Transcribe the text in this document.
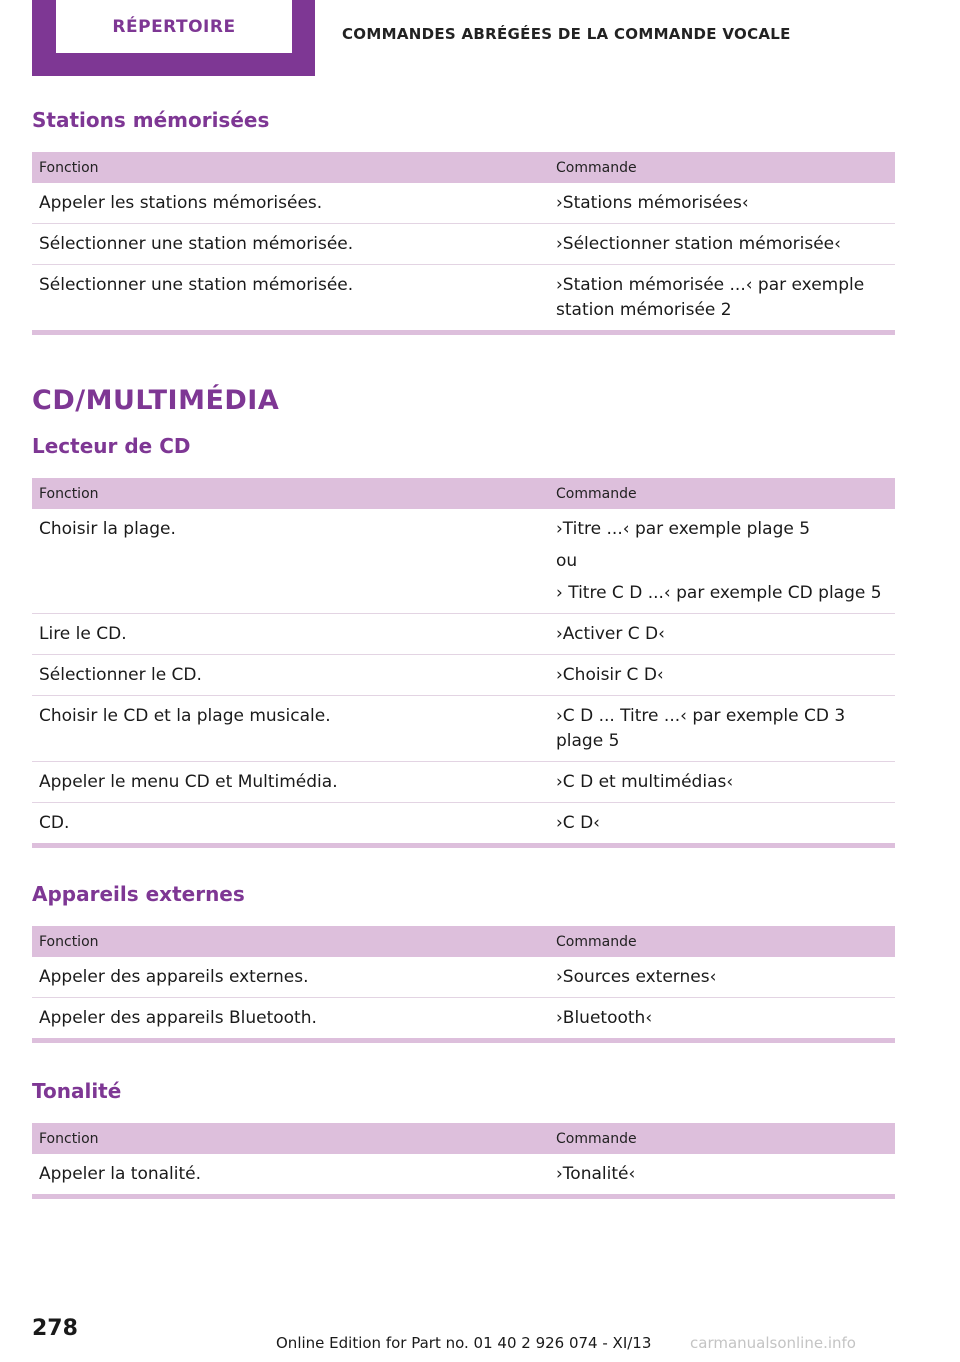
RÉPERTOIRE	COMMANDES ABRÉGÉES DE LA COMMANDE VOCALE
Stations mémorisées
Fonction	Commande
Appeler les stations mémorisées.	›Stations mémorisées‹
Sélectionner une station mémorisée.	›Sélectionner station mémorisée‹
Sélectionner une station mémorisée.	›Station mémorisée ...‹ par exemple station mémorisée 2
CD/MULTIMÉDIA
Lecteur de CD
Fonction	Commande
Choisir la plage.	›Titre ...‹ par exemple plage 5
ou
› Titre C D ...‹ par exemple CD plage 5

Lire le CD.	›Activer C D‹
Sélectionner le CD.	›Choisir C D‹
Choisir le CD et la plage musicale.	›C D ... Titre ...‹ par exemple CD 3 plage 5
Appeler le menu CD et Multimédia.	›C D et multimédias‹
CD.	›C D‹
Appareils externes
Fonction	Commande
Appeler des appareils externes.	›Sources externes‹
Appeler des appareils Bluetooth.	›Bluetooth‹
Tonalité
Fonction	Commande
Appeler la tonalité.	›Tonalité‹
278
Online Edition for Part no. 01 40 2 926 074 - XI/13	carmanualsonline.info
